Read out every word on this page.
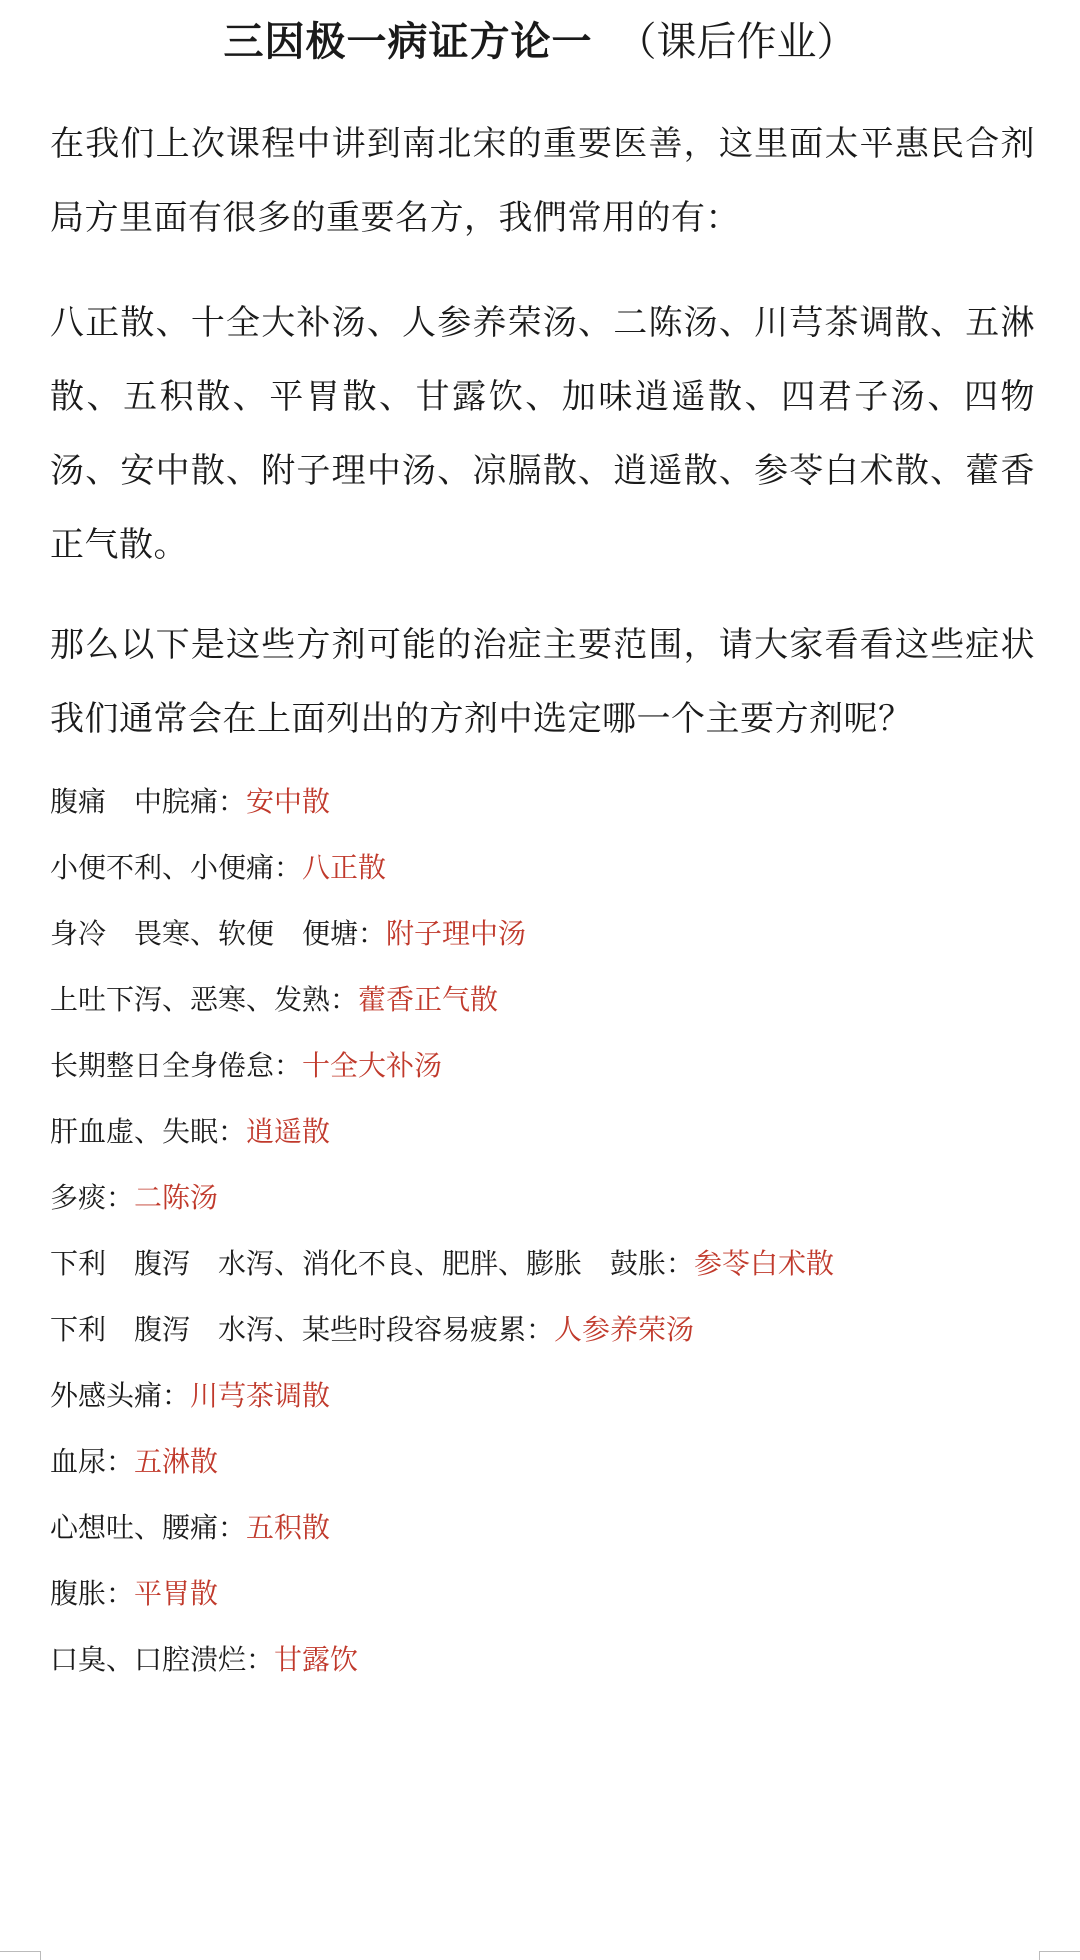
三因极一病证方论一 （课后作业）
在我们上次课程中讲到南北宋的重要医善，这里面太平惠民合剂局方里面有很多的重要名方，我們常用的有：
八正散、十全大补汤、人参养荣汤、二陈汤、川芎茶调散、五淋散、五积散、平胃散、甘露饮、加味逍遥散、四君子汤、四物汤、安中散、附子理中汤、凉膈散、逍遥散、参苓白术散、藿香正气散。
那么以下是这些方剂可能的治症主要范围，请大家看看这些症状我们通常会在上面列出的方剂中选定哪一个主要方剂呢？
腹痛　中脘痛：安中散
小便不利、小便痛：八正散
身冷　畏寒、软便　便塘：附子理中汤
上吐下泻、恶寒、发熟：藿香正气散
长期整日全身倦怠：十全大补汤
肝血虚、失眠：逍遥散
多痰：二陈汤
下利　腹泻　水泻、消化不良、肥胖、膨胀　鼓胀：参苓白术散
下利　腹泻　水泻、某些时段容易疲累：人参养荣汤
外感头痛：川芎茶调散
血尿：五淋散
心想吐、腰痛：五积散
腹胀：平胃散
口臭、口腔溃烂：甘露饮
